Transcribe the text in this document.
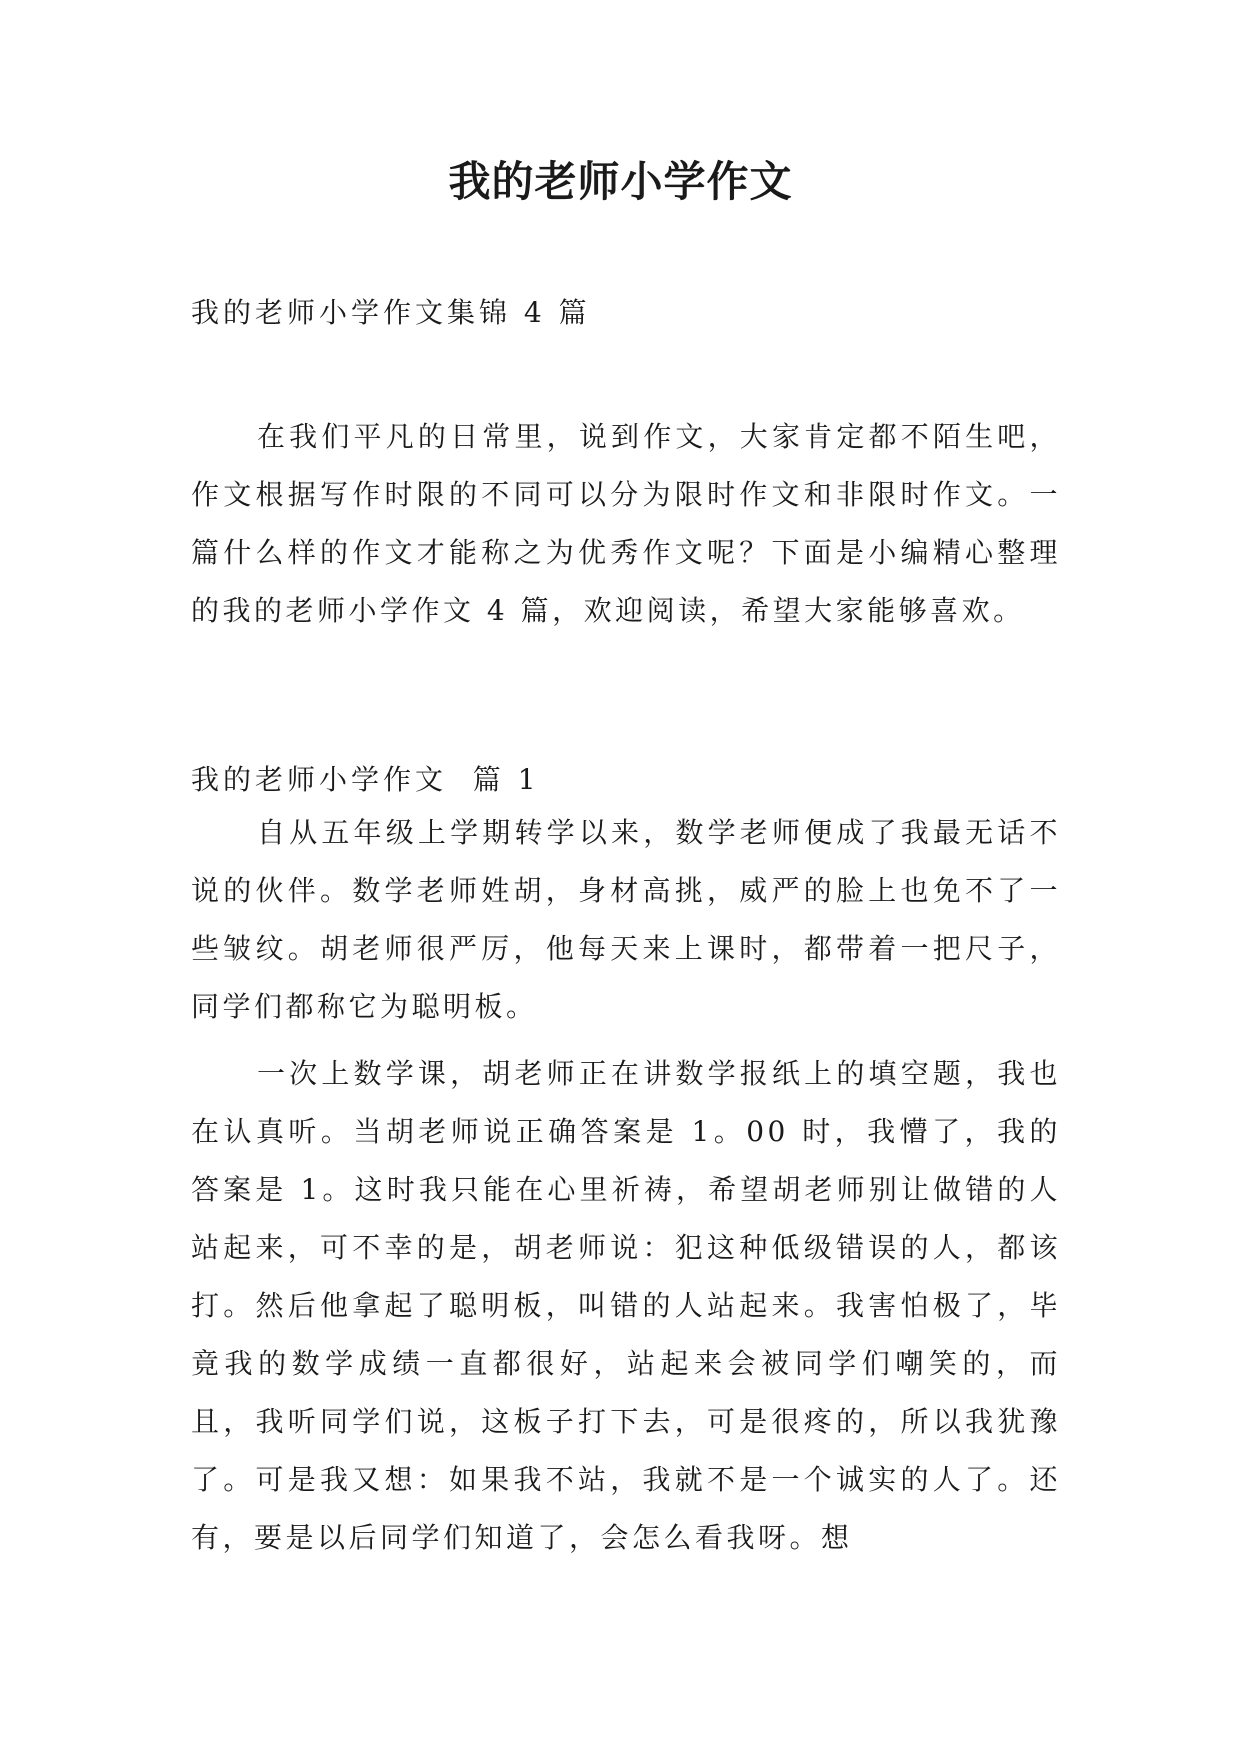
我的老师小学作文

我的老师小学作文集锦 4 篇

在我们平凡的日常里，说到作文，大家肯定都不陌生吧，作文根据写作时限的不同可以分为限时作文和非限时作文。一篇什么样的作文才能称之为优秀作文呢？下面是小编精心整理的我的老师小学作文 4 篇，欢迎阅读，希望大家能够喜欢。

我的老师小学作文  篇 1

自从五年级上学期转学以来，数学老师便成了我最无话不说的伙伴。数学老师姓胡，身材高挑，威严的脸上也免不了一些皱纹。胡老师很严厉，他每天来上课时，都带着一把尺子，同学们都称它为聪明板。

一次上数学课，胡老师正在讲数学报纸上的填空题，我也在认真听。当胡老师说正确答案是 1。00 时，我懵了，我的答案是 1。这时我只能在心里祈祷，希望胡老师别让做错的人站起来，可不幸的是，胡老师说：犯这种低级错误的人，都该打。然后他拿起了聪明板，叫错的人站起来。我害怕极了，毕竟我的数学成绩一直都很好，站起来会被同学们嘲笑的，而且，我听同学们说，这板子打下去，可是很疼的，所以我犹豫了。可是我又想：如果我不站，我就不是一个诚实的人了。还有，要是以后同学们知道了，会怎么看我呀。想
